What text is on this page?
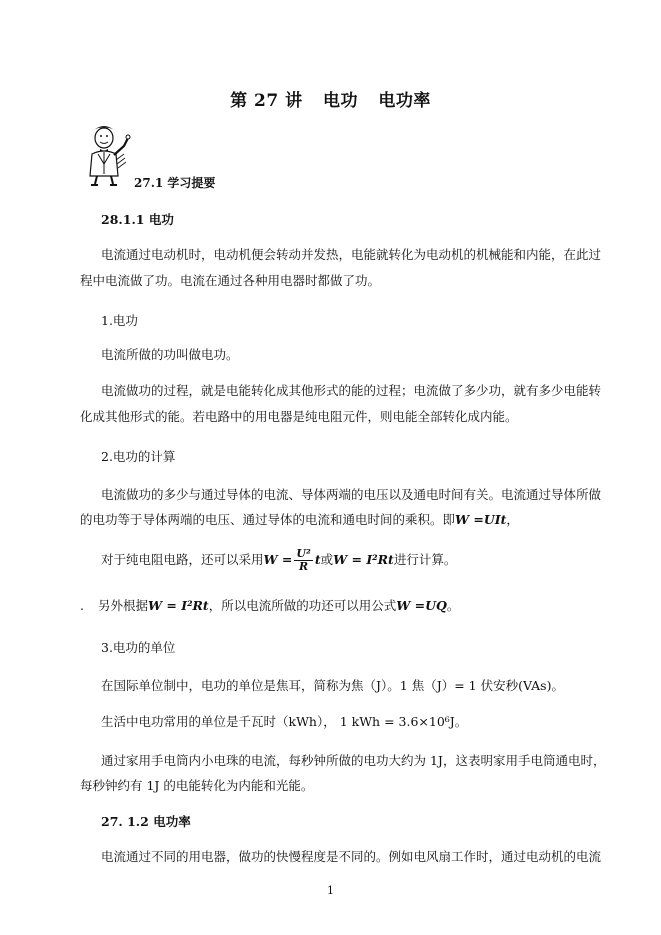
第 27 讲 电功 电功率
27.1 学习提要
28.1.1 电功
电流通过电动机时，电动机便会转动并发热，电能就转化为电动机的机械能和内能，在此过
程中电流做了功。电流在通过各种用电器时都做了功。
1.电功
电流所做的功叫做电功。
电流做功的过程，就是电能转化成其他形式的能的过程；电流做了多少功，就有多少电能转
化成其他形式的能。若电路中的用电器是纯电阻元件，则电能全部转化成内能。
2.电功的计算
电流做功的多少与通过导体的电流、导体两端的电压以及通电时间有关。电流通过导体所做
的电功等于导体两端的电压、通过导体的电流和通电时间的乘积。即W =UIt，
对于纯电阻电路，还可以采用$W = \frac{\text{U²}}{R}$ t或W = I²Rt进行计算。
. 另外根据W = I²Rt，所以电流所做的功还可以用公式W =UQ。
3.电功的单位
在国际单位制中，电功的单位是焦耳，简称为焦（J）。1 焦（J）= 1 伏安秒(VAs)。
生活中电功常用的单位是千瓦时（kWh）， 1 kWh = 3.6×10⁶J。
通过家用手电筒内小电珠的电流，每秒钟所做的电功大约为 1J，这表明家用手电筒通电时，
每秒钟约有 1J 的电能转化为内能和光能。
27. 1.2 电功率
电流通过不同的用电器，做功的快慢程度是不同的。例如电风扇工作时，通过电动机的电流
1
